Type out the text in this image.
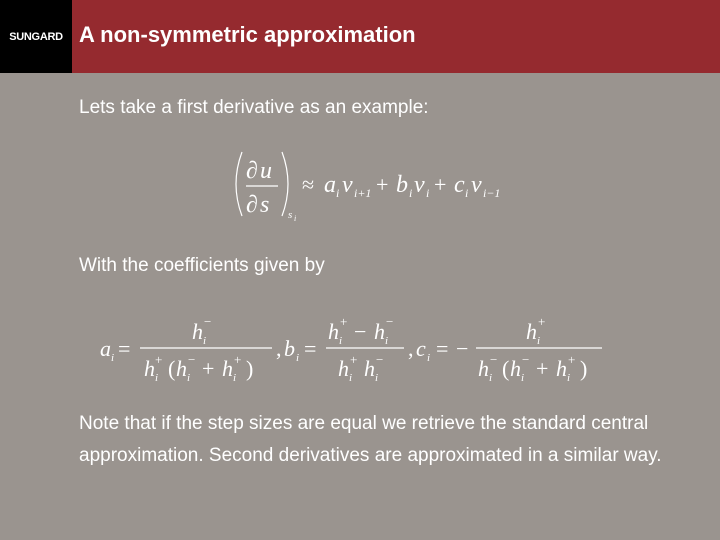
SUNGARD A non-symmetric approximation
Lets take a first derivative as an example:
∂ u
∂ s s i
≈ a i v i+1 + b i v i + c i v i−1
With the coefficients given by
a i =
h i
−
h i
+ ( h i
− + h i
+ )
, b i =
h i
+ − h i
−
h i
+ h i
− , c i = −
h i
+
h i
− ( h i
− + h i
+ )
Note that if the step sizes are equal we retrieve the standard central approximation. Second derivatives are approximated in a similar way.
